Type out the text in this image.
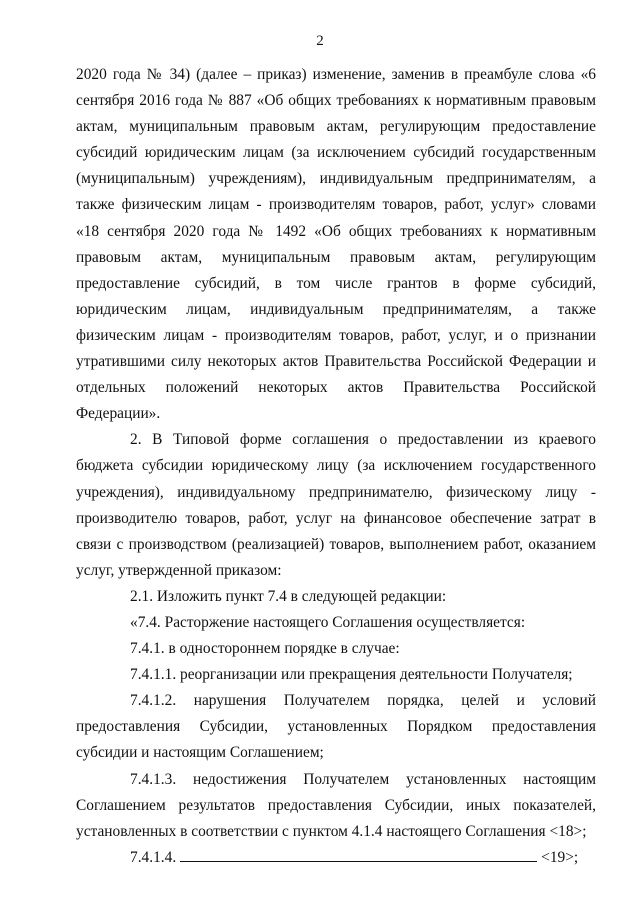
2

2020 года № 34) (далее – приказ) изменение, заменив в преамбуле слова «6 сентября 2016 года № 887 «Об общих требованиях к нормативным правовым актам, муниципальным правовым актам, регулирующим предоставление субсидий юридическим лицам (за исключением субсидий государственным (муниципальным) учреждениям), индивидуальным предпринимателям, а также физическим лицам - производителям товаров, работ, услуг» словами «18 сентября 2020 года № 1492 «Об общих требованиях к нормативным правовым актам, муниципальным правовым актам, регулирующим предоставление субсидий, в том числе грантов в форме субсидий, юридическим лицам, индивидуальным предпринимателям, а также физическим лицам - производителям товаров, работ, услуг, и о признании утратившими силу некоторых актов Правительства Российской Федерации и отдельных положений некоторых актов Правительства Российской Федерации».

2. В Типовой форме соглашения о предоставлении из краевого бюджета субсидии юридическому лицу (за исключением государственного учреждения), индивидуальному предпринимателю, физическому лицу - производителю товаров, работ, услуг на финансовое обеспечение затрат в связи с производством (реализацией) товаров, выполнением работ, оказанием услуг, утвержденной приказом:

2.1. Изложить пункт 7.4 в следующей редакции:

«7.4. Расторжение настоящего Соглашения осуществляется:

7.4.1. в одностороннем порядке в случае:

7.4.1.1. реорганизации или прекращения деятельности Получателя;

7.4.1.2. нарушения Получателем порядка, целей и условий предоставления Субсидии, установленных Порядком предоставления субсидии и настоящим Соглашением;

7.4.1.3. недостижения Получателем установленных настоящим Соглашением результатов предоставления Субсидии, иных показателей, установленных в соответствии с пунктом 4.1.4 настоящего Соглашения <18>;

7.4.1.4.	<19>;
